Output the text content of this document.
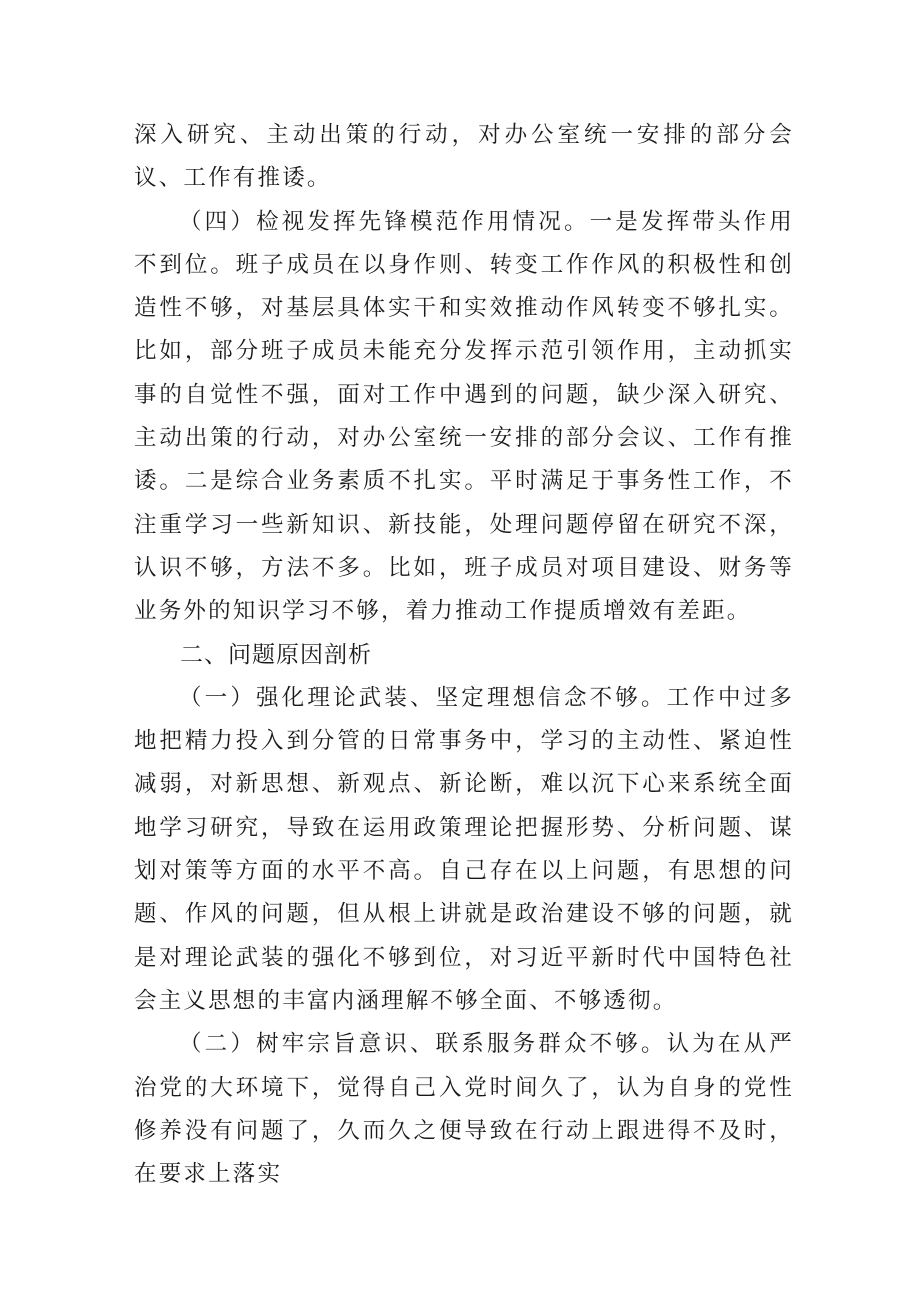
深入研究、主动出策的行动，对办公室统一安排的部分会议、工作有推诿。

（四）检视发挥先锋模范作用情况。一是发挥带头作用不到位。班子成员在以身作则、转变工作作风的积极性和创造性不够，对基层具体实干和实效推动作风转变不够扎实。比如，部分班子成员未能充分发挥示范引领作用，主动抓实事的自觉性不强，面对工作中遇到的问题，缺少深入研究、主动出策的行动，对办公室统一安排的部分会议、工作有推诿。二是综合业务素质不扎实。平时满足于事务性工作，不注重学习一些新知识、新技能，处理问题停留在研究不深，认识不够，方法不多。比如，班子成员对项目建设、财务等业务外的知识学习不够，着力推动工作提质增效有差距。

二、问题原因剖析

（一）强化理论武装、坚定理想信念不够。工作中过多地把精力投入到分管的日常事务中，学习的主动性、紧迫性减弱，对新思想、新观点、新论断，难以沉下心来系统全面地学习研究，导致在运用政策理论把握形势、分析问题、谋划对策等方面的水平不高。自己存在以上问题，有思想的问题、作风的问题，但从根上讲就是政治建设不够的问题，就是对理论武装的强化不够到位，对习近平新时代中国特色社会主义思想的丰富内涵理解不够全面、不够透彻。

（二）树牢宗旨意识、联系服务群众不够。认为在从严治党的大环境下，觉得自己入党时间久了，认为自身的党性修养没有问题了，久而久之便导致在行动上跟进得不及时，在要求上落实
